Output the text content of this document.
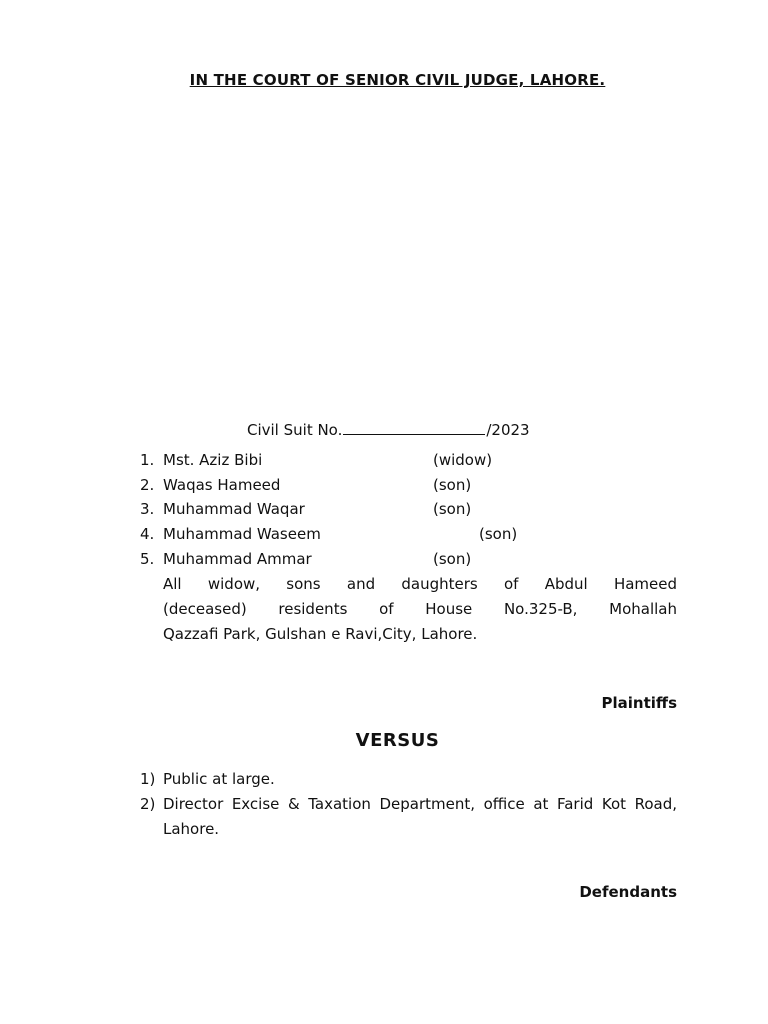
IN THE COURT OF SENIOR CIVIL JUDGE, LAHORE.
Civil Suit No.	/2023
1. Mst. Aziz Bibi	(widow)
2. Waqas Hameed	(son)
3. Muhammad Waqar	(son)
4. Muhammad Waseem	(son)
5. Muhammad Ammar	(son)
All widow, sons and daughters of Abdul Hameed
(deceased) residents of House No.325-B, Mohallah
Qazzafi Park, Gulshan e Ravi,City, Lahore.
Plaintiffs
VERSUS
1) Public at large.
2) Director Excise & Taxation Department, office at Farid Kot Road, Lahore.
Defendants
